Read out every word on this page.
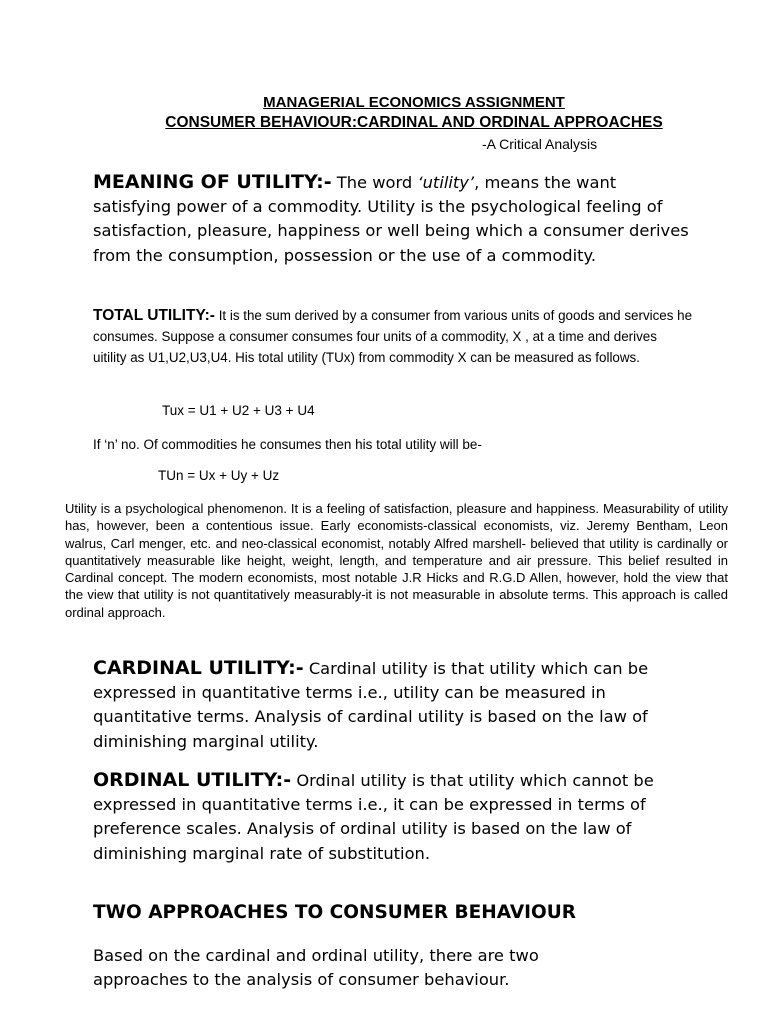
MANAGERIAL ECONOMICS ASSIGNMENT
CONSUMER BEHAVIOUR:CARDINAL AND ORDINAL APPROACHES
-A Critical Analysis
MEANING OF UTILITY:- The word ‘utility’, means the want satisfying power of a commodity. Utility is the psychological feeling of satisfaction, pleasure, happiness or well being which a consumer derives from the consumption, possession or the use of a commodity.
TOTAL UTILITY:- It is the sum derived by a consumer from various units of goods and services he consumes. Suppose a consumer consumes four units of a commodity, X , at a time and derives uitility as U1,U2,U3,U4. His total utility (TUx) from commodity X can be measured as follows.
Tux = U1 + U2 + U3 + U4
If ‘n’ no. Of commodities he consumes then his total utility will be-
TUn = Ux + Uy + Uz
Utility is a psychological phenomenon. It is a feeling of satisfaction, pleasure and happiness. Measurability of utility has, however, been a contentious issue. Early economists-classical economists, viz. Jeremy Bentham, Leon walrus, Carl menger, etc. and neo-classical economist, notably Alfred marshell- believed that utility is cardinally or quantitatively measurable like height, weight, length, and temperature and air pressure. This belief resulted in Cardinal concept. The modern economists, most notable J.R Hicks and R.G.D Allen, however, hold the view that the view that utility is not quantitatively measurably-it is not measurable in absolute terms. This approach is called ordinal approach.
CARDINAL UTILITY:- Cardinal utility is that utility which can be expressed in quantitative terms i.e., utility can be measured in quantitative terms. Analysis of cardinal utility is based on the law of diminishing marginal utility.
ORDINAL UTILITY:- Ordinal utility is that utility which cannot be expressed in quantitative terms i.e., it can be expressed in terms of preference scales. Analysis of ordinal utility is based on the law of diminishing marginal rate of substitution.
TWO APPROACHES TO CONSUMER BEHAVIOUR
Based on the cardinal and ordinal utility, there are two approaches to the analysis of consumer behaviour.
